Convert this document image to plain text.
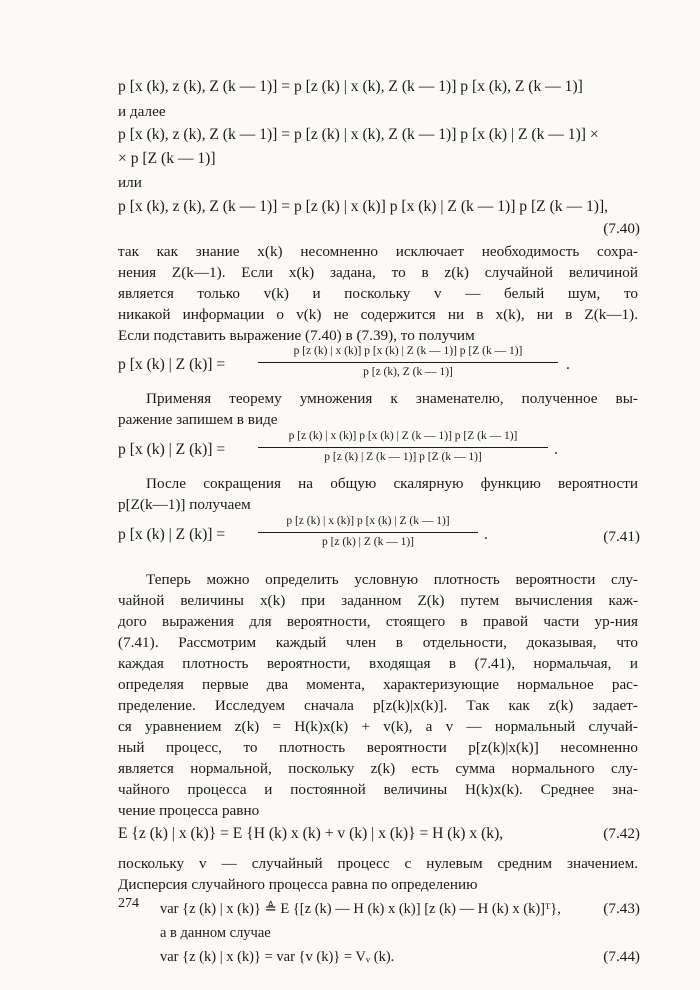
p [x (k), z (k), Z (k — 1)] = p [z (k) | x (k), Z (k — 1)] p [x (k), Z (k — 1)]
и далее
p [x (k), z (k), Z (k — 1)] = p [z (k) | x (k), Z (k — 1)] p [x (k) | Z (k — 1)] ×
× p [Z (k — 1)]
или
p [x (k), z (k), Z (k — 1)] = p [z (k) | x (k)] p [x (k) | Z (k — 1)] p [Z (k — 1)],
(7.40)
так как знание x(k) несомненно исключает необходимость сохра-
нения Z(k—1). Если x(k) задана, то в z(k) случайной величиной
является только v(k) и поскольку v — белый шум, то
никакой информации о v(k) не содержится ни в x(k), ни в Z(k—1).
Если подставить выражение (7.40) в (7.39), то получим
p [x (k) | Z (k)] =
p [z (k) | x (k)] p [x (k) | Z (k — 1)] p [Z (k — 1)]
p [z (k), Z (k — 1)]	.
Применяя теорему умножения к знаменателю, полученное вы-
ражение запишем в виде
p [x (k) | Z (k)] =
p [z (k) | x (k)] p [x (k) | Z (k — 1)] p [Z (k — 1)]
p [z (k) | Z (k — 1)] p [Z (k — 1)]	.
После сокращения на общую скалярную функцию вероятности
p[Z(k—1)] получаем
p [x (k) | Z (k)] =
p [z (k) | x (k)] p [x (k) | Z (k — 1)]
p [z (k) | Z (k — 1)]	.	(7.41)
Теперь можно определить условную плотность вероятности слу-
чайной величины x(k) при заданном Z(k) путем вычисления каж-
дого выражения для вероятности, стоящего в правой части ур-ния
(7.41). Рассмотрим каждый член в отдельности, доказывая, что
каждая плотность вероятности, входящая в (7.41), нормальчая, и
определяя первые два момента, характеризующие нормальное рас-
пределение. Исследуем сначала p[z(k)|x(k)]. Так как z(k) задает-
ся уравнением z(k) = H(k)x(k) + v(k), а v — нормальный случай-
ный процесс, то плотность вероятности p[z(k)|x(k)] несомненно
является нормальной, поскольку z(k) есть сумма нормального слу-
чайного процесса и постоянной величины H(k)x(k). Среднее зна-
чение процесса равно
E {z (k) | x (k)} = E {H (k) x (k) + v (k) | x (k)} = H (k) x (k),	(7.42)
поскольку v — случайный процесс с нулевым средним значением.
Дисперсия случайного процесса равна по определению
274 var {z (k) | x (k)} ≜ E {[z (k) — H (k) x (k)] [z (k) — H (k) x (k)]ᵀ},	(7.43)
а в данном случае
var {z (k) | x (k)} = var {v (k)} = Vᵥ (k).	(7.44)
